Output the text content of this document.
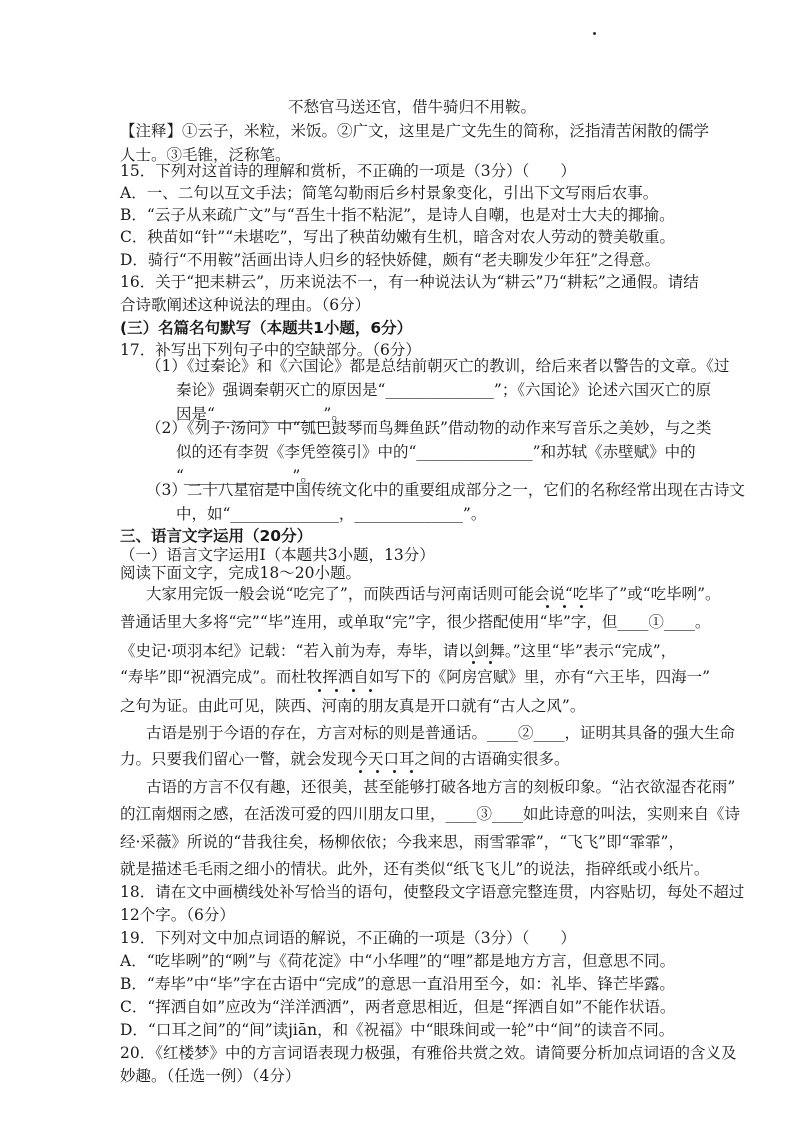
不愁官马送还官，借牛骑归不用鞍。
【注释】①云子，米粒，米饭。②广文，这里是广文先生的简称，泛指清苦闲散的儒学
人士。③毛锥，泛称笔。
15．下列对这首诗的理解和赏析，不正确的一项是（3分）（　　）
A．一、二句以互文手法；简笔勾勒雨后乡村景象变化，引出下文写雨后农事。
B．“云子从来疏广文”与“吾生十指不粘泥”，是诗人自嘲，也是对士大夫的揶揄。
C．秧苗如“针”“未堪吃”，写出了秧苗幼嫩有生机，暗含对农人劳动的赞美敬重。
D．骑行“不用鞍”活画出诗人归乡的轻快娇健，颇有“老夫聊发少年狂”之得意。
16．关于“把耒耕云”，历来说法不一，有一种说法认为“耕云”乃“耕耘”之通假。请结
合诗歌阐述这种说法的理由。（6分）
(三）名篇名句默写（本题共1小题，6分）
17．补写出下列句子中的空缺部分。（6分）
（1）《过秦论》和《六国论》都是总结前朝灭亡的教训，给后来者以警告的文章。《过
秦论》强调秦朝灭亡的原因是“______________”；《六国论》论述六国灭亡的原
因是“______________”。
（2）《列子·汤问》中“瓠巴鼓琴而鸟舞鱼跃”借动物的动作来写音乐之美妙，与之类
似的还有李贺《李凭箜篌引》中的“_______________”和苏轼《赤壁赋》中的
“______________”。
（3）二十八星宿是中国传统文化中的重要组成部分之一，它们的名称经常出现在古诗文
中，如“______________，______________”。
三、语言文字运用（20分）
（一）语言文字运用Ⅰ（本题共3小题，13分）
阅读下面文字，完成18～20小题。
大家用完饭一般会说“吃完了”，而陕西话与河南话则可能会说“吃毕了”或“吃毕咧”。
普通话里大多将“完”“毕”连用，或单取“完”字，很少搭配使用“毕”字，但____①____。
《史记·项羽本纪》记载：“若入前为寿，寿毕，请以剑舞。”这里“毕”表示“完成”，
“寿毕”即“祝酒完成”。而杜牧挥洒自如写下的《阿房宫赋》里，亦有“六王毕，四海一”
之句为证。由此可见，陕西、河南的朋友真是开口就有“古人之风”。
古语是别于今语的存在，方言对标的则是普通话。____②____，证明其具备的强大生命
力。只要我们留心一瞥，就会发现今天口耳之间的古语确实很多。
古语的方言不仅有趣，还很美，甚至能够打破各地方言的刻板印象。“沾衣欲湿杏花雨”
的江南烟雨之感，在活泼可爱的四川朋友口里，____③____如此诗意的叫法，实则来自《诗
经·采薇》所说的“昔我往矣，杨柳依依；今我来思，雨雪霏霏”，“飞飞”即“霏霏”，
就是描述毛毛雨之细小的情状。此外，还有类似“纸飞飞儿”的说法，指碎纸或小纸片。
18．请在文中画横线处补写恰当的语句，使整段文字语意完整连贯，内容贴切，每处不超过
12个字。（6分）
19．下列对文中加点词语的解说，不正确的一项是（3分）（　　）
A．“吃毕咧”的“咧”与《荷花淀》中“小华哩”的“哩”都是地方方言，但意思不同。
B．“寿毕”中“毕”字在古语中“完成”的意思一直沿用至今，如：礼毕、锋芒毕露。
C．“挥洒自如”应改为“洋洋洒洒”，两者意思相近，但是“挥洒自如”不能作状语。
D．“口耳之间”的“间”读jiān，和《祝福》中“眼珠间或一轮”中“间”的读音不同。
20．《红楼梦》中的方言词语表现力极强，有雅俗共赏之效。请简要分析加点词语的含义及
妙趣。（任选一例）（4分）
